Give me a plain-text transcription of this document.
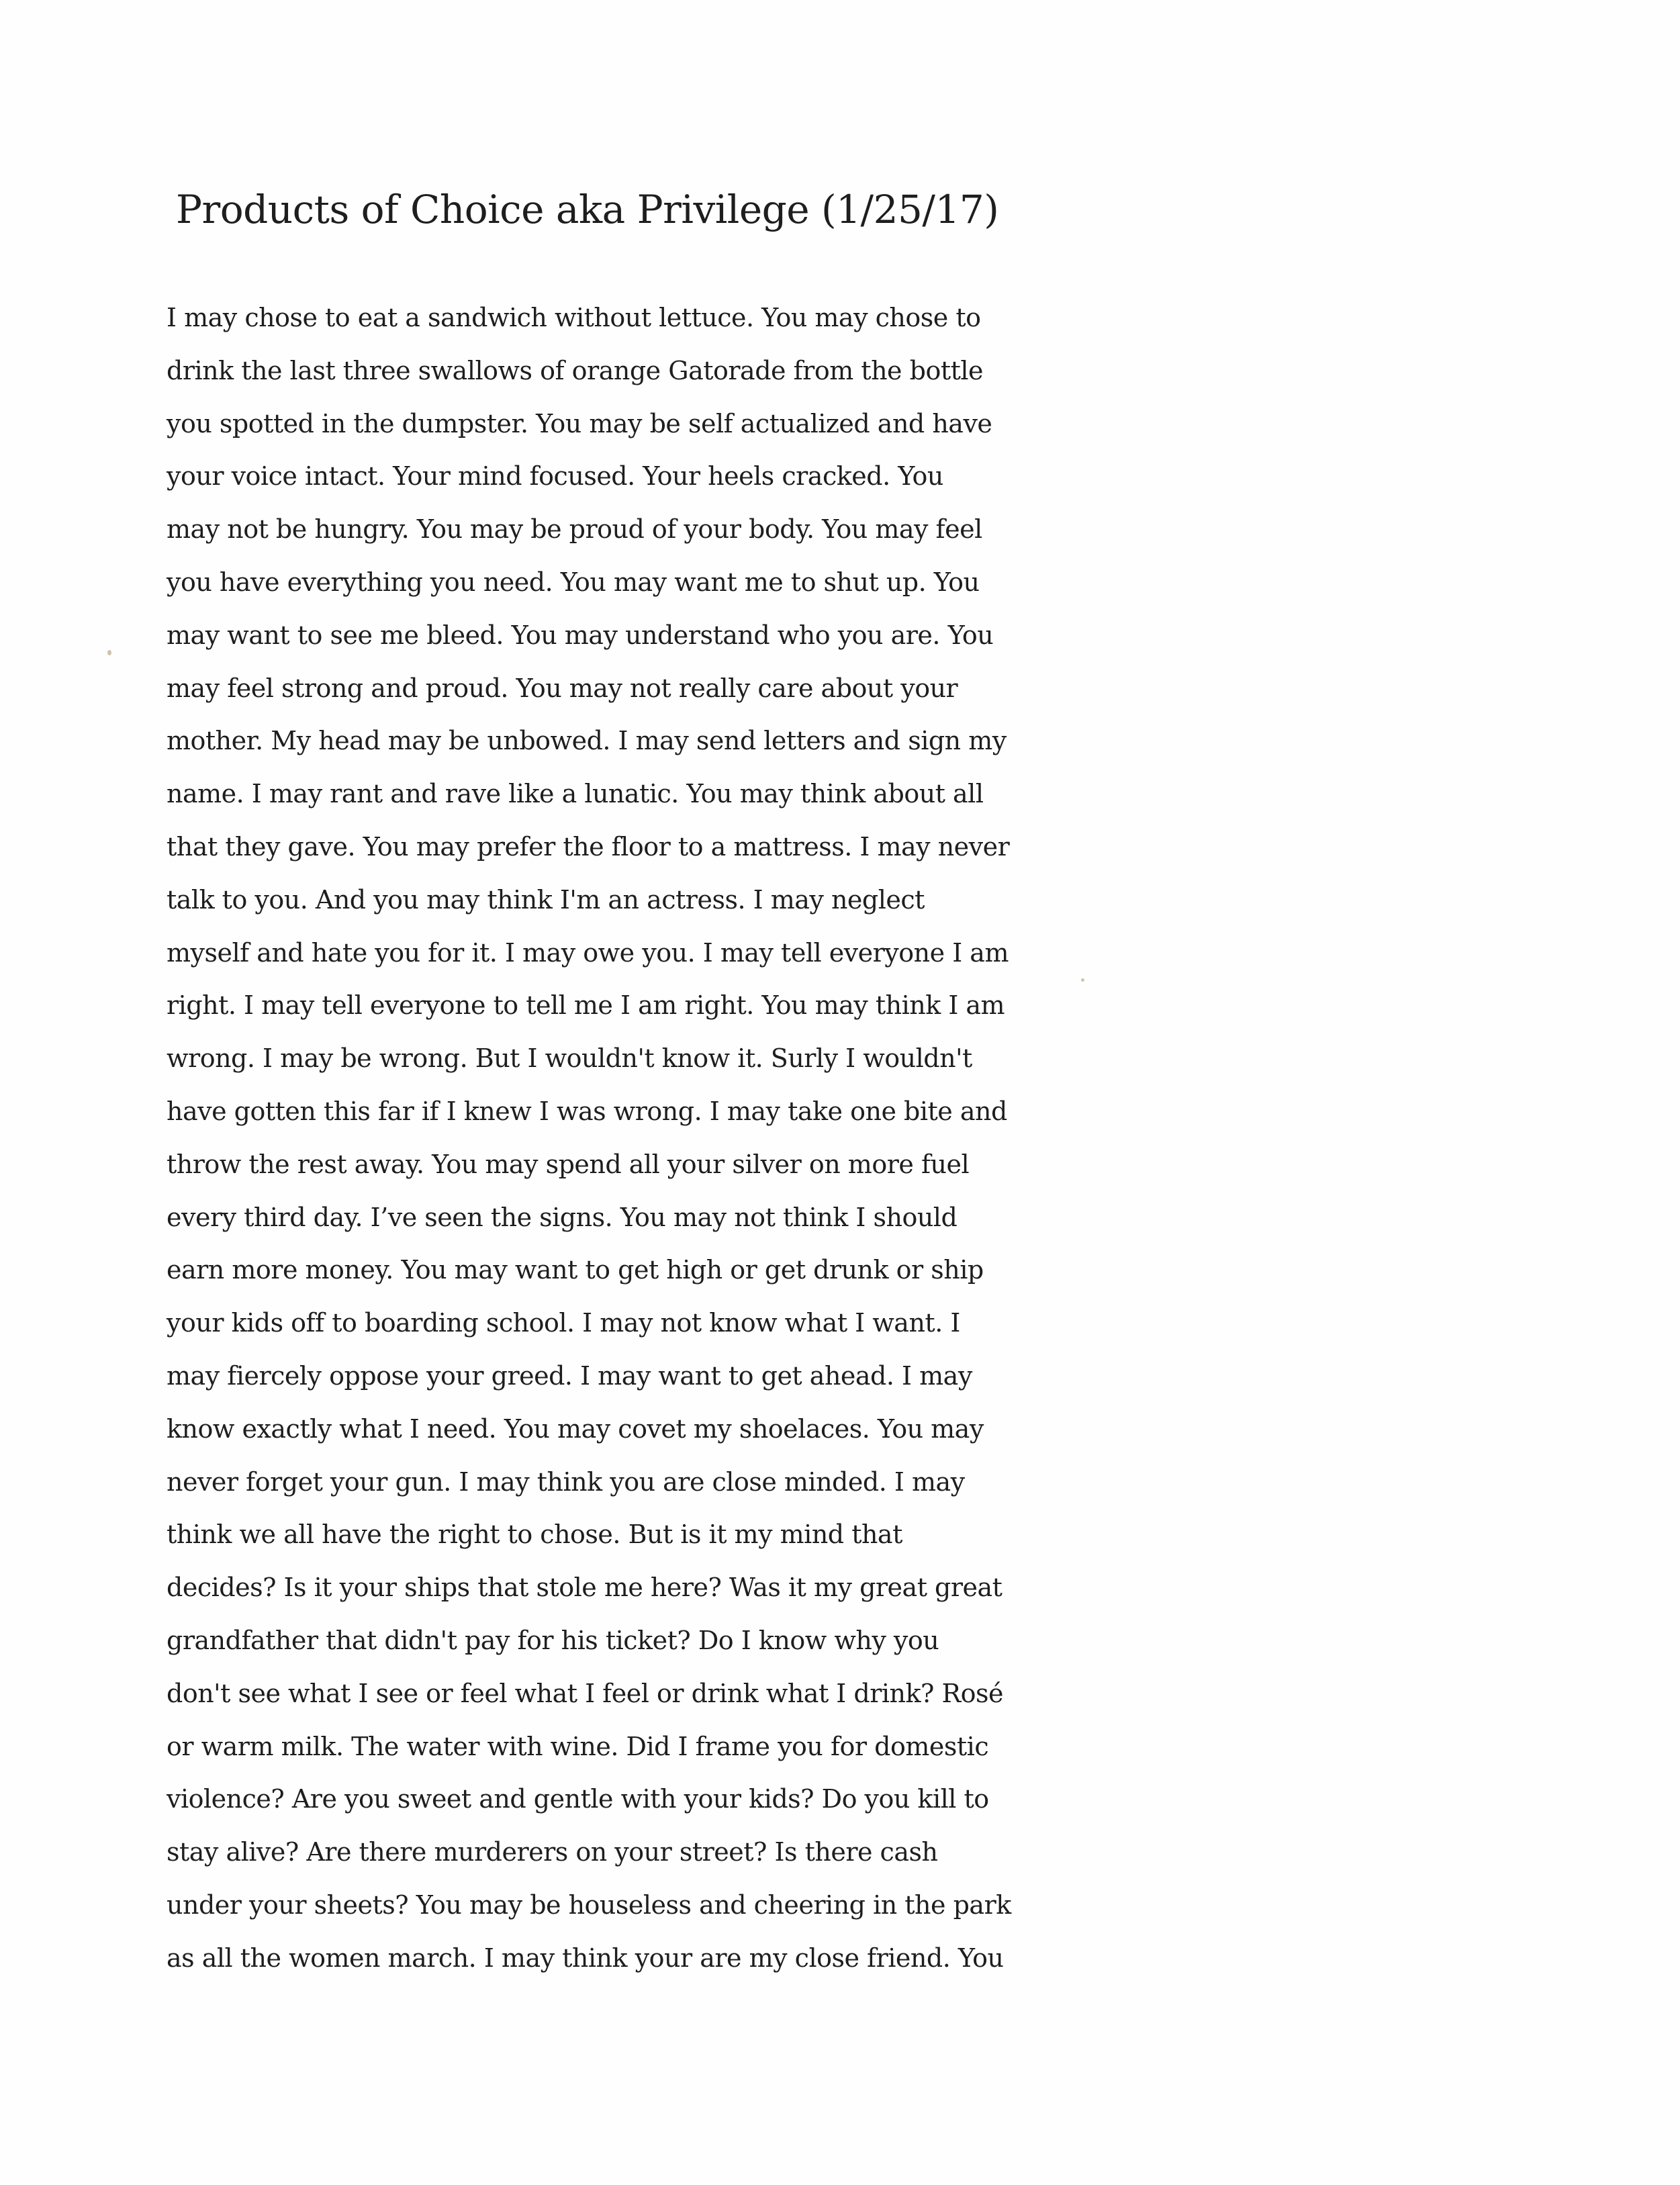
Products of Choice aka Privilege (1/25/17)
I may chose to eat a sandwich without lettuce. You may chose to
drink the last three swallows of orange Gatorade from the bottle
you spotted in the dumpster. You may be self actualized and have
your voice intact. Your mind focused. Your heels cracked. You
may not be hungry. You may be proud of your body. You may feel
you have everything you need. You may want me to shut up. You
may want to see me bleed. You may understand who you are. You
may feel strong and proud. You may not really care about your
mother. My head may be unbowed. I may send letters and sign my
name. I may rant and rave like a lunatic. You may think about all
that they gave. You may prefer the floor to a mattress. I may never
talk to you. And you may think I'm an actress. I may neglect
myself and hate you for it. I may owe you. I may tell everyone I am
right. I may tell everyone to tell me I am right. You may think I am
wrong. I may be wrong. But I wouldn't know it. Surly I wouldn't
have gotten this far if I knew I was wrong. I may take one bite and
throw the rest away. You may spend all your silver on more fuel
every third day. I’ve seen the signs. You may not think I should
earn more money. You may want to get high or get drunk or ship
your kids off to boarding school. I may not know what I want. I
may fiercely oppose your greed. I may want to get ahead. I may
know exactly what I need. You may covet my shoelaces. You may
never forget your gun. I may think you are close minded. I may
think we all have the right to chose. But is it my mind that
decides? Is it your ships that stole me here? Was it my great great
grandfather that didn't pay for his ticket? Do I know why you
don't see what I see or feel what I feel or drink what I drink? Rosé
or warm milk. The water with wine. Did I frame you for domestic
violence? Are you sweet and gentle with your kids? Do you kill to
stay alive? Are there murderers on your street? Is there cash
under your sheets? You may be houseless and cheering in the park
as all the women march. I may think your are my close friend. You
